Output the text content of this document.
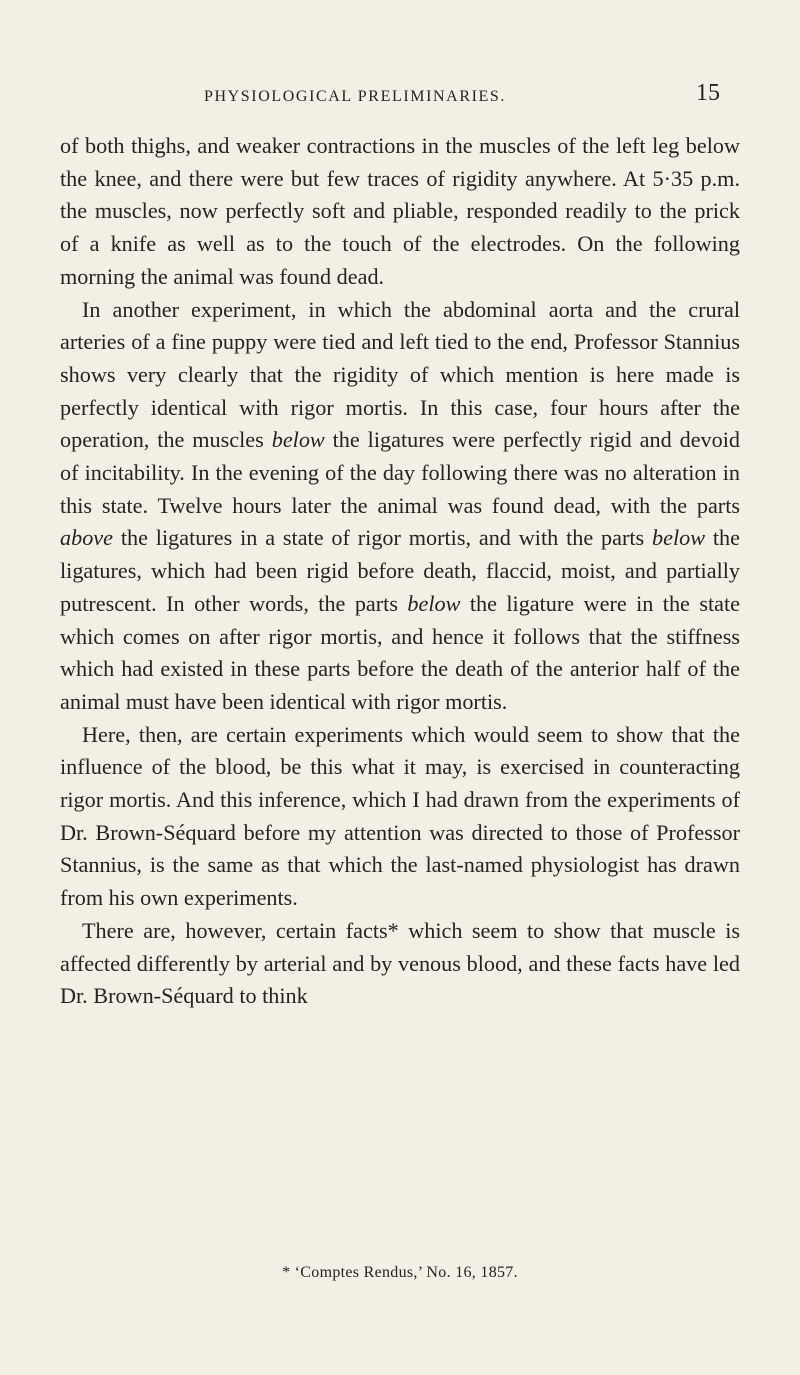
PHYSIOLOGICAL PRELIMINARIES.	15

of both thighs, and weaker contractions in the muscles of the left leg below the knee, and there were but few traces of rigidity anywhere. At 5·35 p.m. the muscles, now perfectly soft and pliable, responded readily to the prick of a knife as well as to the touch of the electrodes. On the following morning the animal was found dead.

In another experiment, in which the abdominal aorta and the crural arteries of a fine puppy were tied and left tied to the end, Professor Stannius shows very clearly that the rigidity of which mention is here made is perfectly identical with rigor mortis. In this case, four hours after the operation, the muscles below the ligatures were perfectly rigid and devoid of incitability. In the evening of the day following there was no alteration in this state. Twelve hours later the animal was found dead, with the parts above the ligatures in a state of rigor mortis, and with the parts below the ligatures, which had been rigid before death, flaccid, moist, and partially putrescent. In other words, the parts below the ligature were in the state which comes on after rigor mortis, and hence it follows that the stiffness which had existed in these parts before the death of the anterior half of the animal must have been identical with rigor mortis.

Here, then, are certain experiments which would seem to show that the influence of the blood, be this what it may, is exercised in counteracting rigor mortis. And this inference, which I had drawn from the experiments of Dr. Brown-Séquard before my attention was directed to those of Professor Stannius, is the same as that which the last-named physiologist has drawn from his own experiments.

There are, however, certain facts* which seem to show that muscle is affected differently by arterial and by venous blood, and these facts have led Dr. Brown-Séquard to think

* ‘Comptes Rendus,’ No. 16, 1857.
